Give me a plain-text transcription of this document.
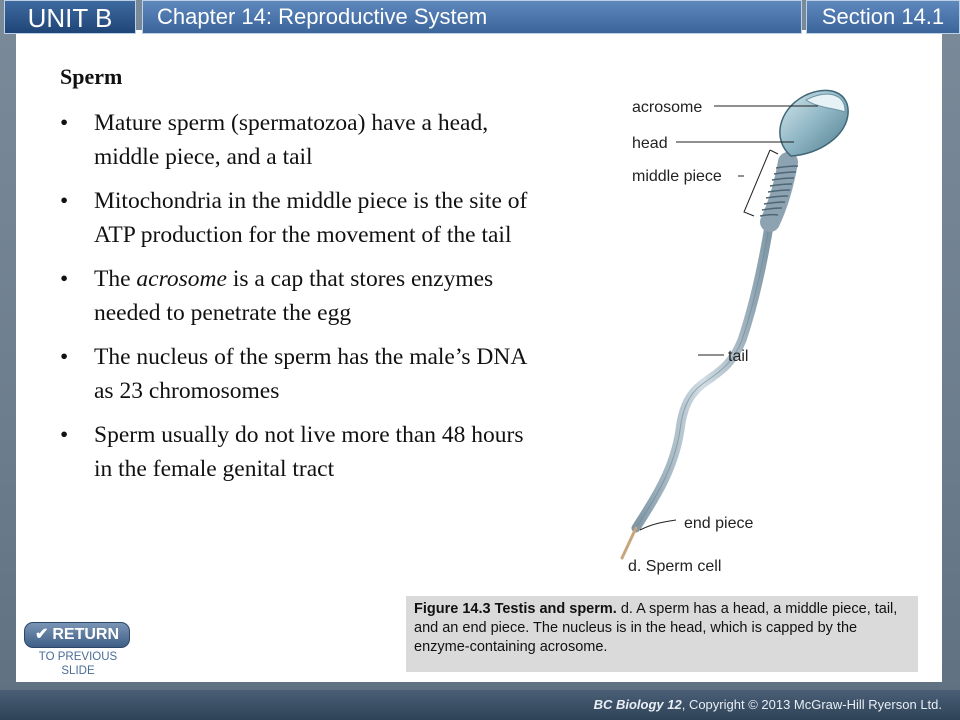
UNIT B	Chapter 14: Reproductive System	Section 14.1
Sperm
• Mature sperm (spermatozoa) have a head, middle piece, and a tail
• Mitochondria in the middle piece is the site of ATP production for the movement of the tail
• The acrosome is a cap that stores enzymes needed to penetrate the egg
• The nucleus of the sperm has the male’s DNA as 23 chromosomes
• Sperm usually do not live more than 48 hours in the female genital tract
acrosome
head
middle piece
tail
end piece
d. Sperm cell
Figure 14.3 Testis and sperm. d. A sperm has a head, a middle piece, tail, and an end piece. The nucleus is in the head, which is capped by the enzyme-containing acrosome.
✔ RETURN
TO PREVIOUS SLIDE
BC Biology 12, Copyright © 2013 McGraw-Hill Ryerson Ltd.
